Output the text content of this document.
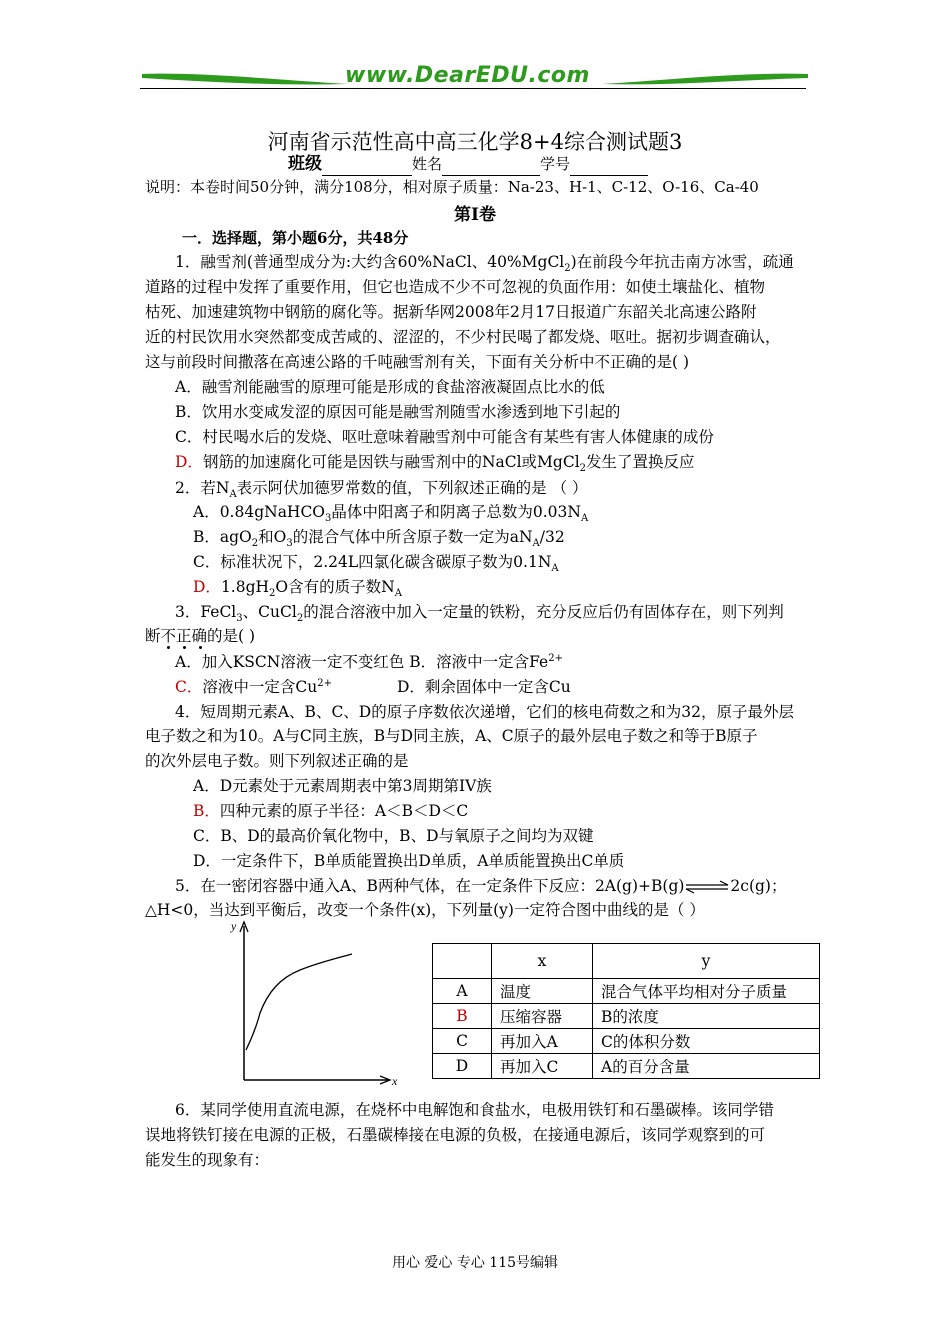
www.DearEDU.com
河南省示范性高中高三化学8+4综合测试题3
班级	姓名	学号
说明：本卷时间50分钟，满分108分，相对原子质量：Na-23、H-1、C-12、O-16、Ca-40
第Ⅰ卷
一．选择题，第小题6分，共48分
1．融雪剂(普通型成分为:大约含60%NaCl、40%MgCl$_2$)在前段今年抗击南方冰雪，疏通
道路的过程中发挥了重要作用，但它也造成不少不可忽视的负面作用：如使土壤盐化、植物
枯死、加速建筑物中钢筋的腐化等。据新华网2008年2月17日报道广东韶关北高速公路附
近的村民饮用水突然都变成苦咸的、涩涩的，不少村民喝了都发烧、呕吐。据初步调查确认，
这与前段时间撒落在高速公路的千吨融雪剂有关，下面有关分析中不正确的是( )
A．融雪剂能融雪的原理可能是形成的食盐溶液凝固点比水的低
B．饮用水变咸发涩的原因可能是融雪剂随雪水渗透到地下引起的
C．村民喝水后的发烧、呕吐意味着融雪剂中可能含有某些有害人体健康的成份
D．钢筋的加速腐化可能是因铁与融雪剂中的NaCl或MgCl$_2$发生了置换反应
2．若$N_A$表示阿伏加德罗常数的值，下列叙述正确的是 （ ）
A．0.84gNaHCO$_3$晶体中阳离子和阴离子总数为$0.03N_A$
B．agO$_2$和$O_3$的混合气体中所含原子数一定为$aN_A/32$
C．标准状况下，2.24L四氯化碳含碳原子数为$0.1N_A$
D．$1.8gH_2O$含有的质子数$N_A$
3．FeCl$_3$、CuCl$_2$的混合溶液中加入一定量的铁粉，充分反应后仍有固体存在，则下列判
断不正确的是( )
A．加入KSCN溶液一定不变红色 B．溶液中一定含$Fe^{2+}$
C．溶液中一定含$Cu^{2+}$	D．剩余固体中一定含Cu
4．短周期元素A、B、C、D的原子序数依次递增，它们的核电荷数之和为32，原子最外层
电子数之和为10。A与C同主族，B与D同主族，A、C原子的最外层电子数之和等于B原子
的次外层电子数。则下列叙述正确的是
A．D元素处于元素周期表中第3周期第IV族
B．四种元素的原子半径：A＜B＜D＜C
C．B、D的最高价氧化物中，B、D与氧原子之间均为双键
D．一定条件下，B单质能置换出D单质，A单质能置换出C单质
5．在一密闭容器中通入A、B两种气体，在一定条件下反应：2A(g)+B(g)⇌2c(g)；
△H<0，当达到平衡后，改变一个条件(x)，下列量(y)一定符合图中曲线的是（ ）
y
x
	x	y
A	温度	混合气体平均相对分子质量
B	压缩容器	B的浓度
C	再加入A	C的体积分数
D	再加入C	A的百分含量
6．某同学使用直流电源，在烧杯中电解饱和食盐水，电极用铁钉和石墨碳棒。该同学错
误地将铁钉接在电源的正极，石墨碳棒接在电源的负极，在接通电源后，该同学观察到的可
能发生的现象有：
用心 爱心 专心 115号编辑
